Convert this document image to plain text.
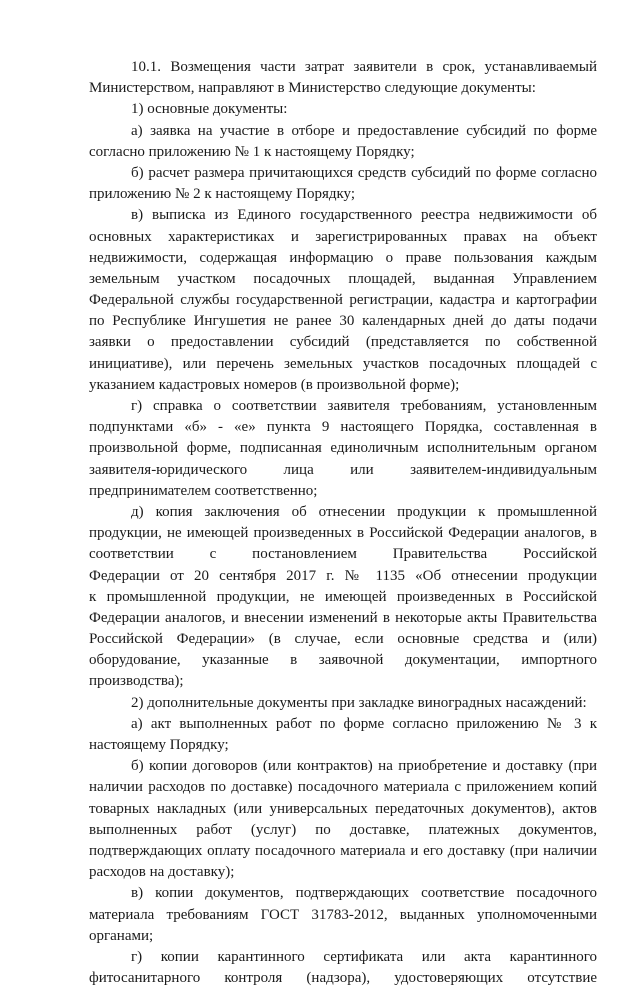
10.1. Возмещения части затрат заявители в срок, устанавливаемый
Министерством, направляют в Министерство следующие документы:
1) основные документы:
а) заявка на участие в отборе и предоставление субсидий по форме
согласно приложению № 1 к настоящему Порядку;
б) расчет размера причитающихся средств субсидий по форме согласно
приложению № 2 к настоящему Порядку;
в) выписка из Единого государственного реестра недвижимости об
основных характеристиках и зарегистрированных правах на объект
недвижимости, содержащая информацию о праве пользования каждым
земельным участком посадочных площадей, выданная Управлением
Федеральной службы государственной регистрации, кадастра и картографии
по Республике Ингушетия не ранее 30 календарных дней до даты подачи
заявки о предоставлении субсидий (представляется по собственной
инициативе), или перечень земельных участков посадочных площадей с
указанием кадастровых номеров (в произвольной форме);
г) справка о соответствии заявителя требованиям, установленным
подпунктами «б» - «е» пункта 9 настоящего Порядка, составленная в
произвольной форме, подписанная единоличным исполнительным органом
заявителя-юридического лица или заявителем-индивидуальным
предпринимателем соответственно;
д) копия заключения об отнесении продукции к промышленной
продукции, не имеющей произведенных в Российской Федерации аналогов, в
соответствии с постановлением Правительства Российской
Федерации от 20 сентября 2017 г. № 1135 «Об отнесении продукции
к промышленной продукции, не имеющей произведенных в Российской
Федерации аналогов, и внесении изменений в некоторые акты Правительства
Российской Федерации» (в случае, если основные средства и (или)
оборудование, указанные в заявочной документации, импортного
производства);
2) дополнительные документы при закладке виноградных насаждений:
а) акт выполненных работ по форме согласно приложению № 3 к
настоящему Порядку;
б) копии договоров (или контрактов) на приобретение и доставку (при
наличии расходов по доставке) посадочного материала с приложением копий
товарных накладных (или универсальных передаточных документов), актов
выполненных работ (услуг) по доставке, платежных документов,
подтверждающих оплату посадочного материала и его доставку (при наличии
расходов на доставку);
в) копии документов, подтверждающих соответствие посадочного
материала требованиям ГОСТ 31783-2012, выданных уполномоченными
органами;
г) копии карантинного сертификата или акта карантинного
фитосанитарного контроля (надзора), удостоверяющих отсутствие
